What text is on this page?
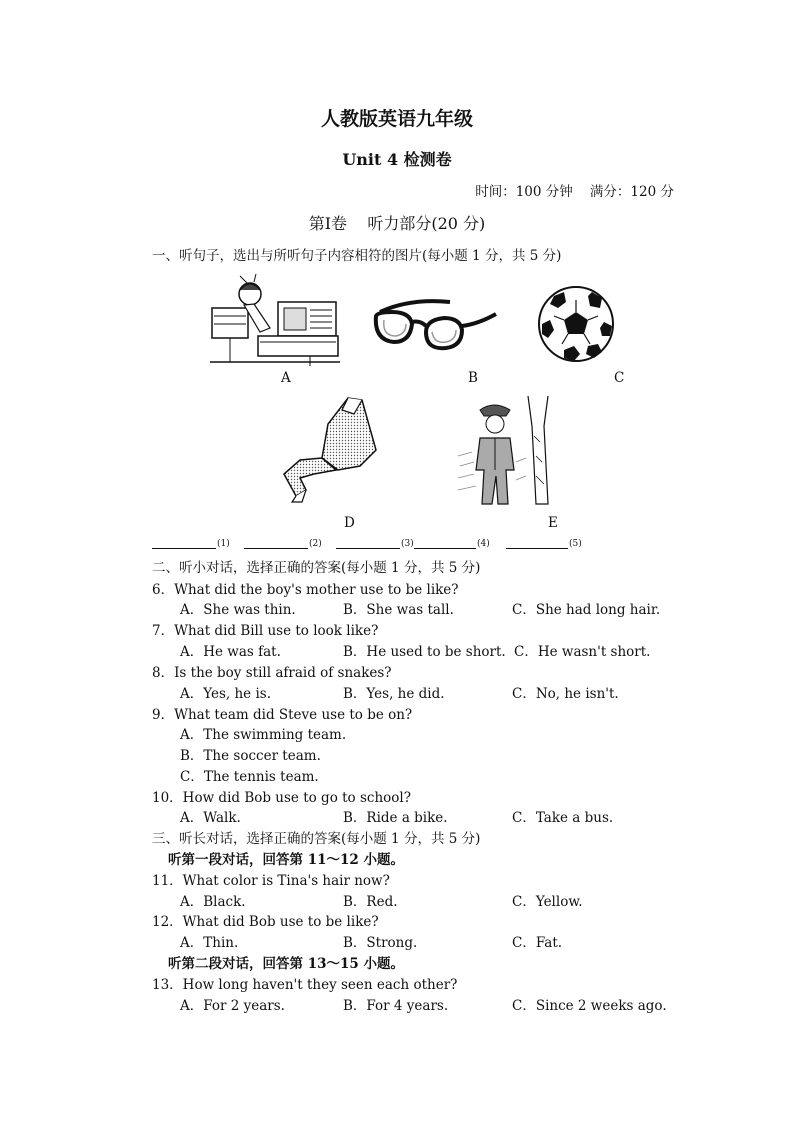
人教版英语九年级
Unit 4 检测卷
时间：100 分钟    满分：120 分
第Ⅰ卷    听力部分(20 分)
一、听句子，选出与所听句子内容相符的图片(每小题 1 分，共 5 分)
A	B	C
D	E
(1)	(2)	(3)	(4)	(5)
二、听小对话，选择正确的答案(每小题 1 分，共 5 分)
6．What did the boy's mother use to be like?
A．She was thin.	B．She was tall.	C．She had long hair.
7．What did Bill use to look like?
A．He was fat.	B．He used to be short. C．He wasn't short.
8．Is the boy still afraid of snakes?
A．Yes, he is.	B．Yes, he did.	C．No, he isn't.
9．What team did Steve use to be on?
A．The swimming team.
B．The soccer team.
C．The tennis team.
10．How did Bob use to go to school?
A．Walk.	B．Ride a bike.	C．Take a bus.
三、听长对话，选择正确的答案(每小题 1 分，共 5 分)
听第一段对话，回答第 11～12 小题。
11．What color is Tina's hair now?
A．Black.	B．Red.	C．Yellow.
12．What did Bob use to be like?
A．Thin.	B．Strong.	C．Fat.
听第二段对话，回答第 13～15 小题。
13．How long haven't they seen each other?
A．For 2 years.	B．For 4 years.	C．Since 2 weeks ago.
